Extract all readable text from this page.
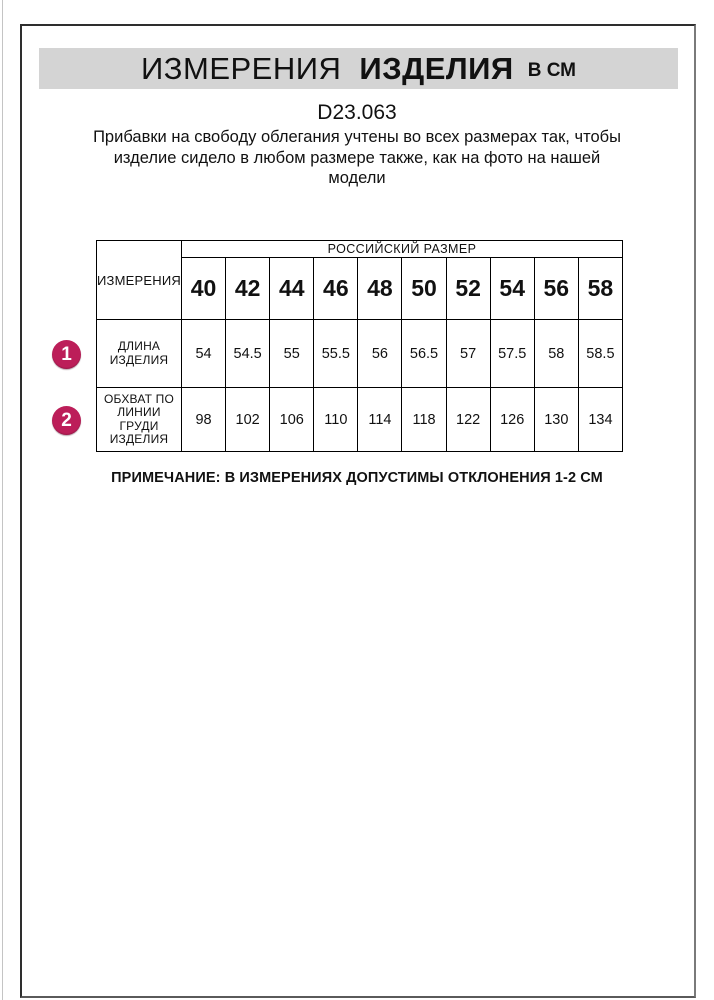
ИЗМЕРЕНИЯ ИЗДЕЛИЯ В СМ
D23.063
Прибавки на свободу облегания учтены во всех размерах так, чтобы
изделие сидело в любом размере также, как на фото на нашей
модели
ИЗМЕРЕНИЯ	РОССИЙСКИЙ РАЗМЕР									
	40	42	44	46	48	50	52	54	56	58

ДЛИНА
ИЗДЕЛИЯ	54	54.5	55	55.5	56	56.5	57	57.5	58	58.5

ОБХВАТ ПО
ЛИНИИ
ГРУДИ
ИЗДЕЛИЯ	98	102	106	110	114	118	122	126	130	134
1
2
ПРИМЕЧАНИЕ: В ИЗМЕРЕНИЯХ ДОПУСТИМЫ ОТКЛОНЕНИЯ 1-2 СМ
